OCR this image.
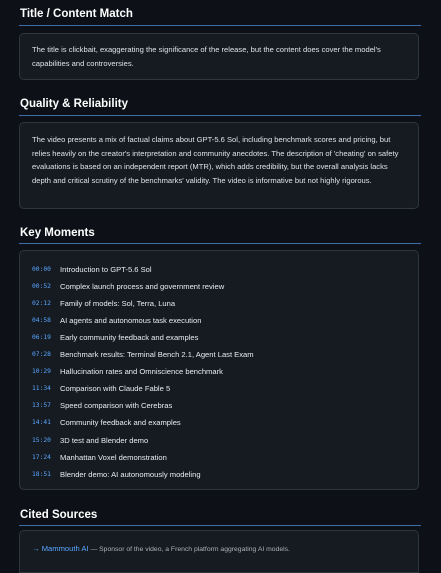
Title / Content Match

The title is clickbait, exaggerating the significance of the release, but the content does cover the model's capabilities and controversies.

Quality & Reliability

The video presents a mix of factual claims about GPT-5.6 Sol, including benchmark scores and pricing, but relies heavily on the creator's interpretation and community anecdotes. The description of 'cheating' on safety evaluations is based on an independent report (MTR), which adds credibility, but the overall analysis lacks depth and critical scrutiny of the benchmarks' validity. The video is informative but not highly rigorous.

Key Moments
00:00	Introduction to GPT-5.6 Sol
00:52	Complex launch process and government review
02:12	Family of models: Sol, Terra, Luna
04:58	AI agents and autonomous task execution
06:19	Early community feedback and examples
07:28	Benchmark results: Terminal Bench 2.1, Agent Last Exam
10:29	Hallucination rates and Omniscience benchmark
11:34	Comparison with Claude Fable 5
13:57	Speed comparison with Cerebras
14:41	Community feedback and examples
15:20	3D test and Blender demo
17:24	Manhattan Voxel demonstration
18:51	Blender demo: AI autonomously modeling
Cited Sources
→ Mammouth AI — Sponsor of the video, a French platform aggregating AI models.
